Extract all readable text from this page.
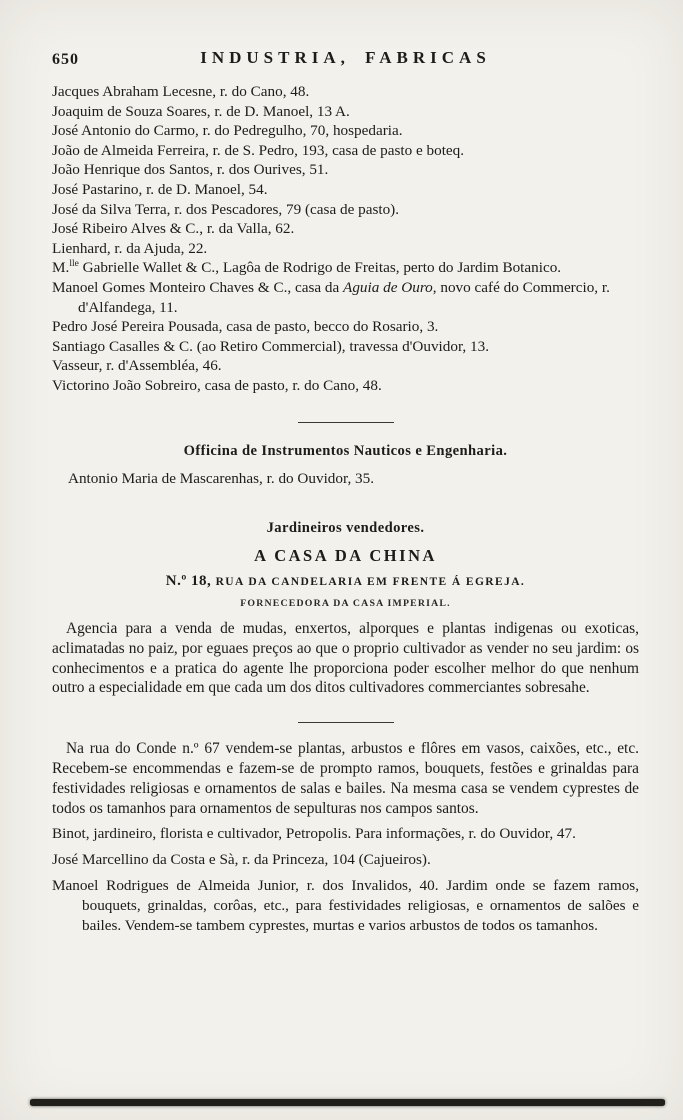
650	INDUSTRIA, FABRICAS

Jacques Abraham Lecesne, r. do Cano, 48.

Joaquim de Souza Soares, r. de D. Manoel, 13 A.

José Antonio do Carmo, r. do Pedregulho, 70, hospedaria.

João de Almeida Ferreira, r. de S. Pedro, 193, casa de pasto e boteq.

João Henrique dos Santos, r. dos Ourives, 51.

José Pastarino, r. de D. Manoel, 54.

José da Silva Terra, r. dos Pescadores, 79 (casa de pasto).

José Ribeiro Alves & C., r. da Valla, 62.

Lienhard, r. da Ajuda, 22.

M.$^{lle}$ Gabrielle Wallet & C., Lagôa de Rodrigo de Freitas, perto do Jardim Botanico.

Manoel Gomes Monteiro Chaves & C., casa da Aguia de Ouro, novo café do Commercio, r. d'Alfandega, 11.

Pedro José Pereira Pousada, casa de pasto, becco do Rosario, 3.

Santiago Casalles & C. (ao Retiro Commercial), travessa d'Ouvidor, 13.

Vasseur, r. d'Assembléa, 46.

Victorino João Sobreiro, casa de pasto, r. do Cano, 48.

Officina de Instrumentos Nauticos e Engenharia.

Antonio Maria de Mascarenhas, r. do Ouvidor, 35.

Jardineiros vendedores.
A CASA DA CHINA

N.º 18, RUA DA CANDELARIA EM FRENTE Á EGREJA.

FORNECEDORA DA CASA IMPERIAL.

Agencia para a venda de mudas, enxertos, alporques e plantas indigenas ou exoticas, aclimatadas no paiz, por eguaes preços ao que o proprio cultivador as vender no seu jardim: os conhecimentos e a pratica do agente lhe proporciona poder escolher melhor do que nenhum outro a especialidade em que cada um dos ditos cultivadores commerciantes sobresahe.

Na rua do Conde n.º 67 vendem-se plantas, arbustos e flôres em vasos, caixões, etc., etc. Recebem-se encommendas e fazem-se de prompto ramos, bouquets, festões e grinaldas para festividades religiosas e ornamentos de salas e bailes. Na mesma casa se vendem cyprestes de todos os tamanhos para ornamentos de sepulturas nos campos santos.

Binot, jardineiro, florista e cultivador, Petropolis. Para informações, r. do Ouvidor, 47.

José Marcellino da Costa e Sà, r. da Princeza, 104 (Cajueiros).

Manoel Rodrigues de Almeida Junior, r. dos Invalidos, 40. Jardim onde se fazem ramos, bouquets, grinaldas, corôas, etc., para festividades religiosas, e ornamentos de salões e bailes. Vendem-se tambem cyprestes, murtas e varios arbustos de todos os tamanhos.
